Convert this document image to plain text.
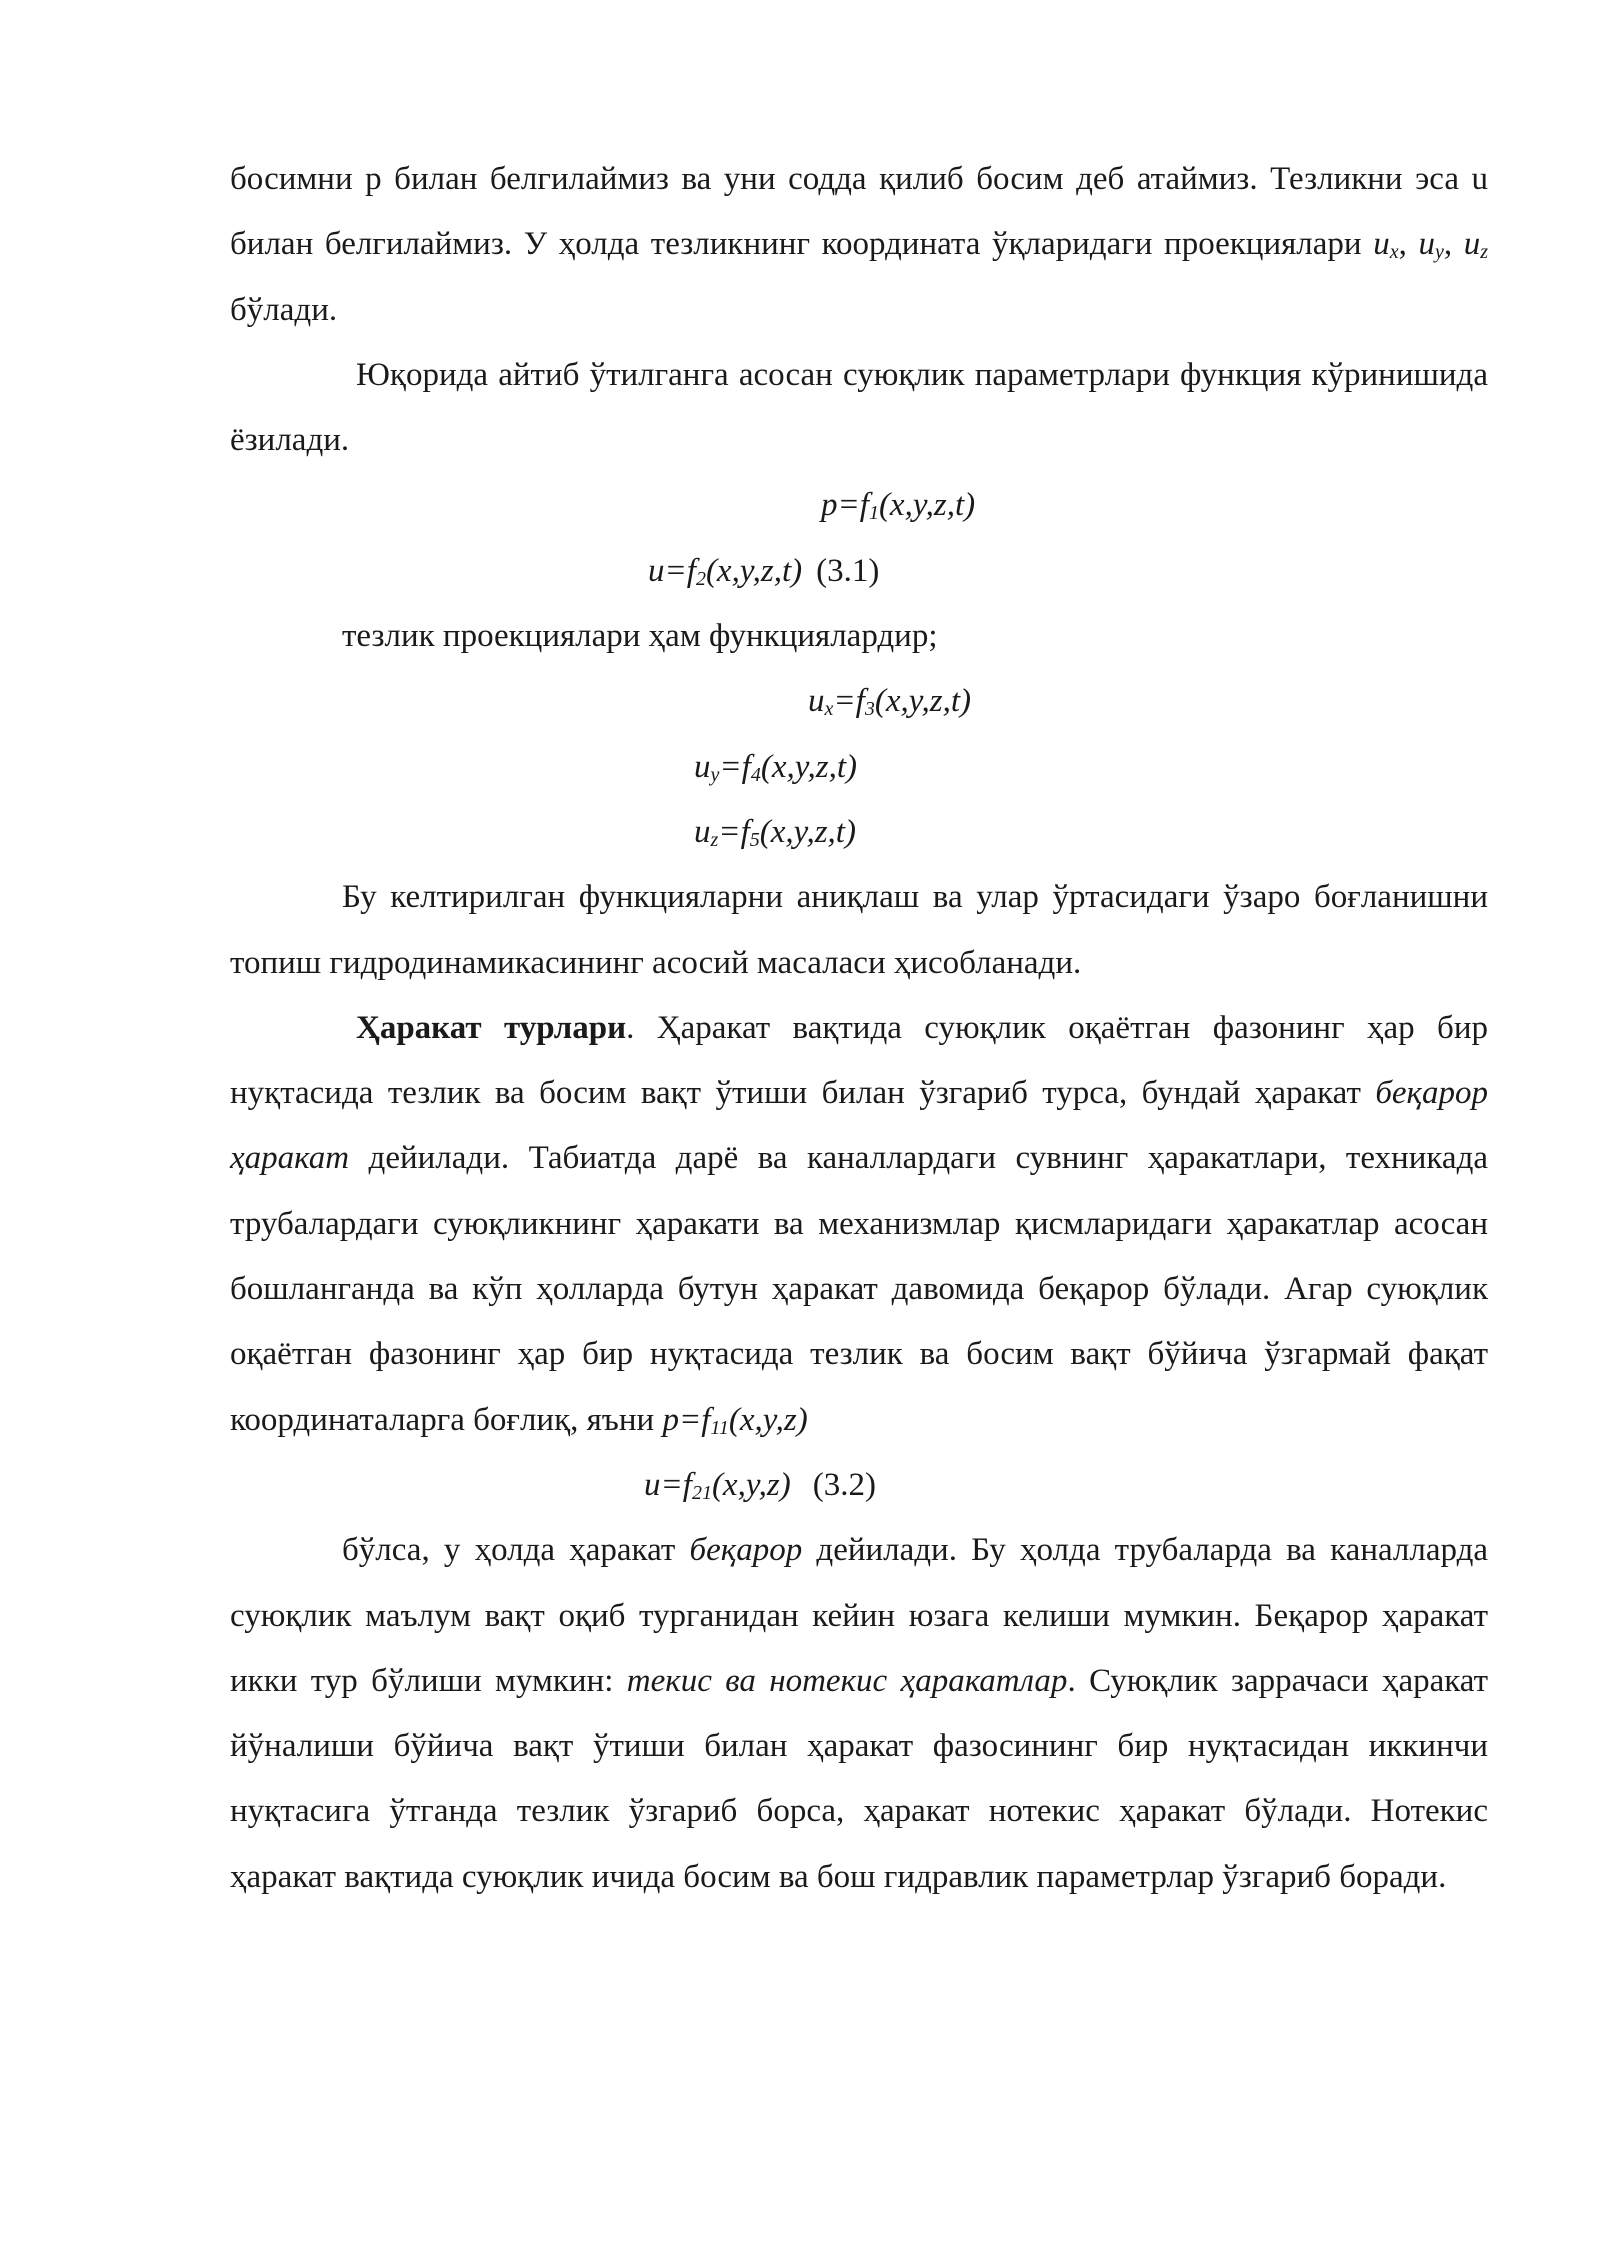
босимни р билан белгилаймиз ва уни содда қилиб босим деб атаймиз. Тезликни эса u билан белгилаймиз. У ҳолда тезликнинг координата ўқларидаги проекциялари $u_x$, $u_y$, $u_z$ бўлади.

Юқорида айтиб ўтилганга асосан суюқлик параметрлари функция кўринишида ёзилади.

$p=f_1(x,y,z,t)$

$u=f_2(x,y,z,t)$ (3.1)

тезлик проекциялари ҳам функциялардир;

$u_x=f_3(x,y,z,t)$

$u_y=f_4(x,y,z,t)$

$u_z=f_5(x,y,z,t)$

Бу келтирилган функцияларни аниқлаш ва улар ўртасидаги ўзаро боғланишни топиш гидродинамикасининг асосий масаласи ҳисобланади.

Ҳаракат турлари. Ҳаракат вақтида суюқлик оқаётган фазонинг ҳар бир нуқтасида тезлик ва босим вақт ўтиши билан ўзгариб турса, бундай ҳаракат беқарор ҳаракат дейилади. Табиатда дарё ва каналлардаги сувнинг ҳаракатлари, техникада трубалардаги суюқликнинг ҳаракати ва механизмлар қисмларидаги ҳаракатлар асосан бошланганда ва кўп ҳолларда бутун ҳаракат давомида беқарор бўлади. Агар суюқлик оқаётган фазонинг ҳар бир нуқтасида тезлик ва босим вақт бўйича ўзгармай фақат координаталарга боғлиқ, яъни $p=f_{11}(x,y,z)$

$u=f_{21}(x,y,z)$ (3.2)

бўлса, у ҳолда ҳаракат беқарор дейилади. Бу ҳолда трубаларда ва каналларда суюқлик маълум вақт оқиб турганидан кейин юзага келиши мумкин. Беқарор ҳаракат икки тур бўлиши мумкин: текис ва нотекис ҳаракатлар. Суюқлик заррачаси ҳаракат йўналиши бўйича вақт ўтиши билан ҳаракат фазосининг бир нуқтасидан иккинчи нуқтасига ўтганда тезлик ўзгариб борса, ҳаракат нотекис ҳаракат бўлади. Нотекис ҳаракат вақтида суюқлик ичида босим ва бош гидравлик параметрлар ўзгариб боради.
